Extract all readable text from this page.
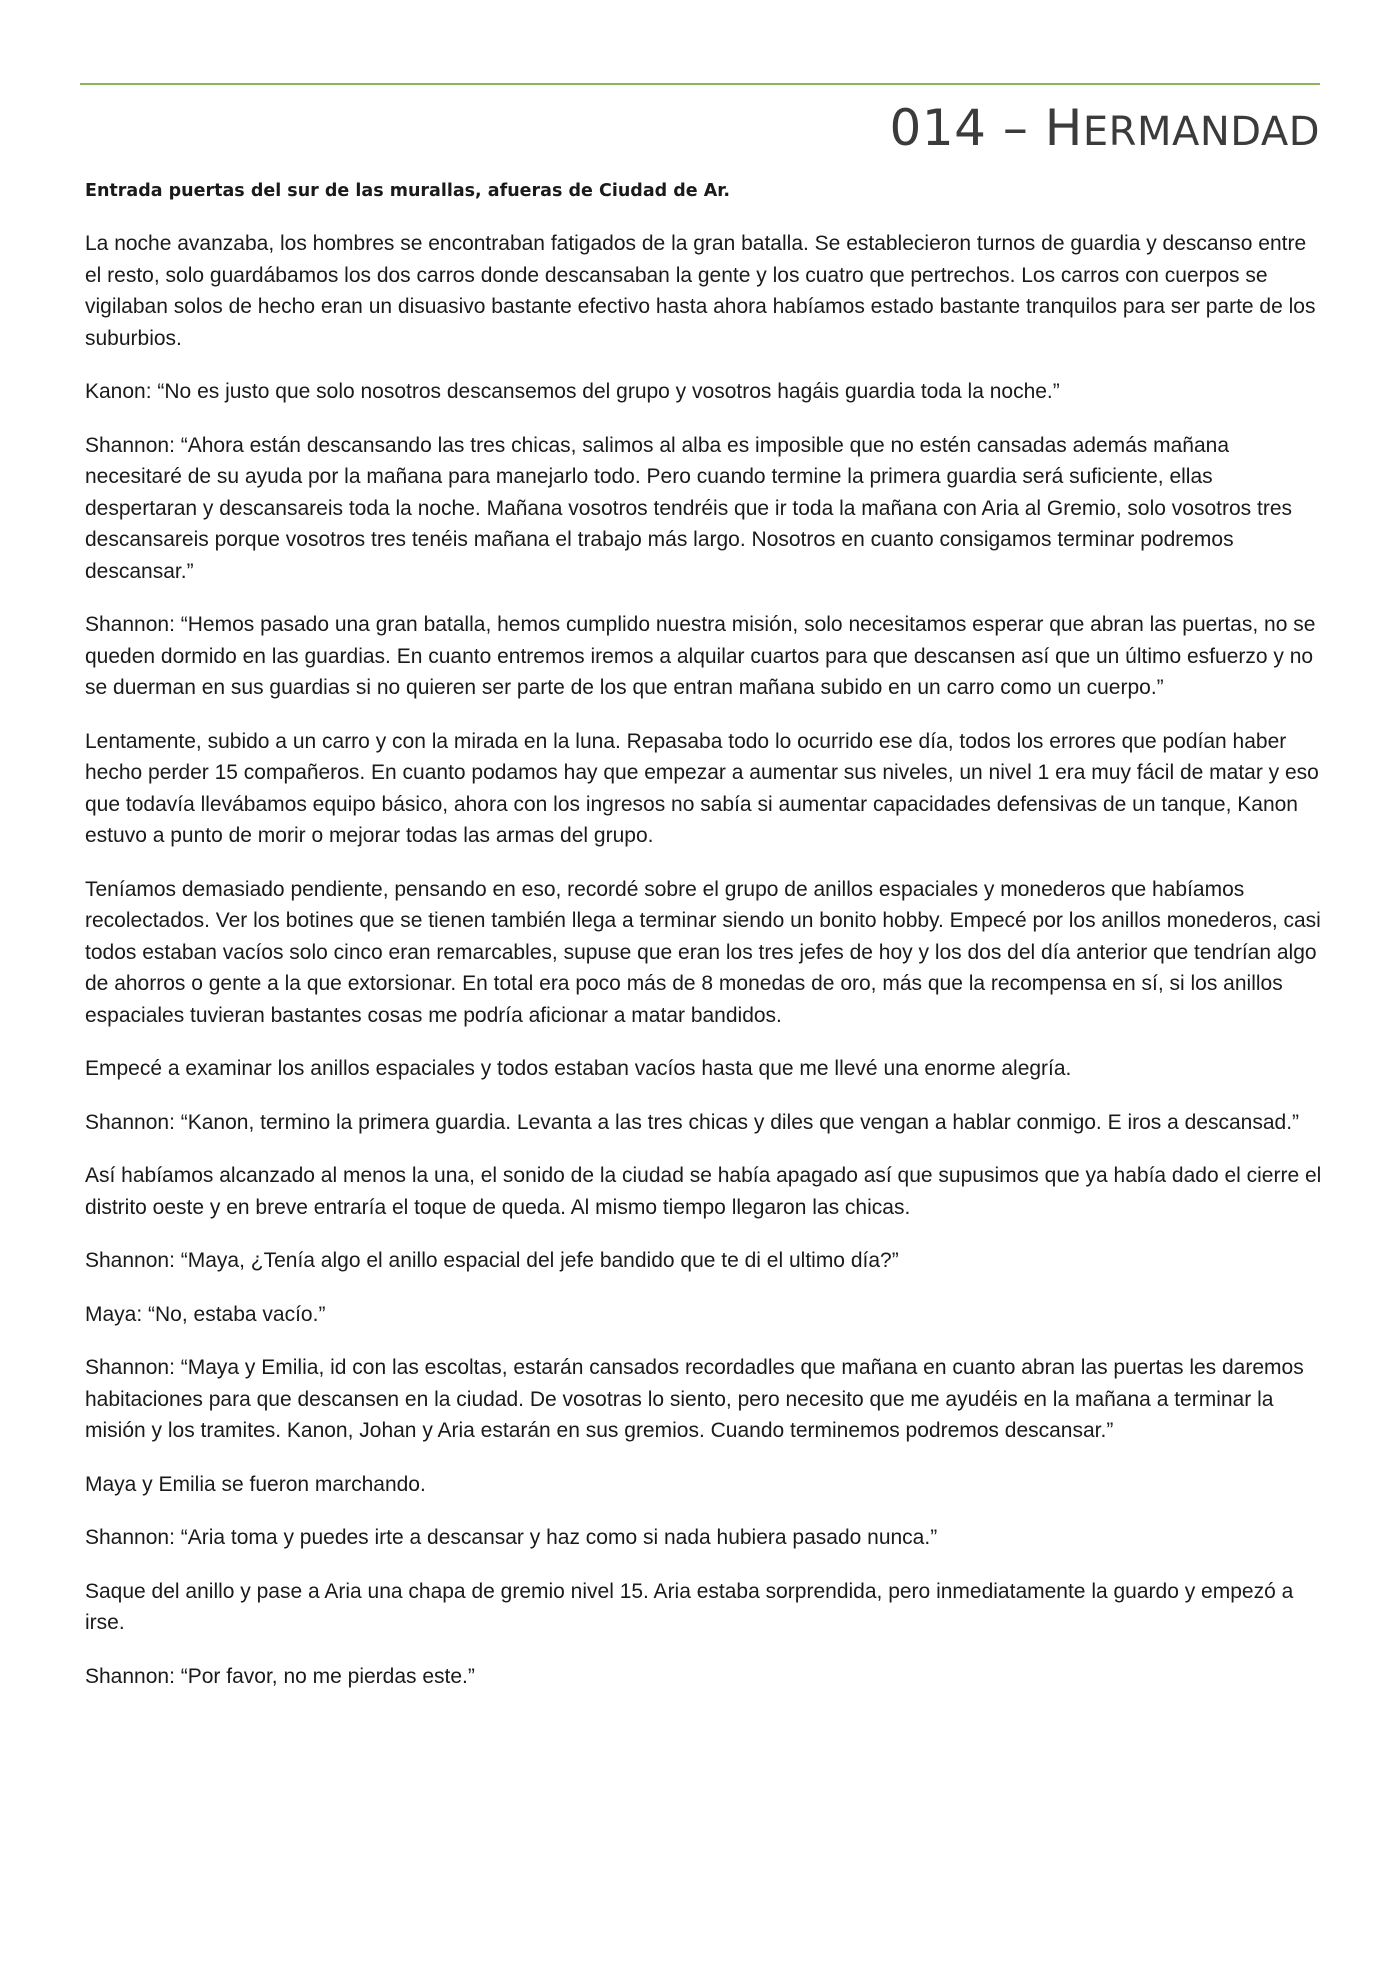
014 – HERMANDAD

Entrada puertas del sur de las murallas, afueras de Ciudad de Ar.

La noche avanzaba, los hombres se encontraban fatigados de la gran batalla. Se establecieron turnos de guardia y descanso entre el resto, solo guardábamos los dos carros donde descansaban la gente y los cuatro que pertrechos. Los carros con cuerpos se vigilaban solos de hecho eran un disuasivo bastante efectivo hasta ahora habíamos estado bastante tranquilos para ser parte de los suburbios.

Kanon: “No es justo que solo nosotros descansemos del grupo y vosotros hagáis guardia toda la noche.”

Shannon: “Ahora están descansando las tres chicas, salimos al alba es imposible que no estén cansadas además mañana necesitaré de su ayuda por la mañana para manejarlo todo. Pero cuando termine la primera guardia será suficiente, ellas despertaran y descansareis toda la noche. Mañana vosotros tendréis que ir toda la mañana con Aria al Gremio, solo vosotros tres descansareis porque vosotros tres tenéis mañana el trabajo más largo. Nosotros en cuanto consigamos terminar podremos descansar.”

Shannon: “Hemos pasado una gran batalla, hemos cumplido nuestra misión, solo necesitamos esperar que abran las puertas, no se queden dormido en las guardias. En cuanto entremos iremos a alquilar cuartos para que descansen así que un último esfuerzo y no se duerman en sus guardias si no quieren ser parte de los que entran mañana subido en un carro como un cuerpo.”

Lentamente, subido a un carro y con la mirada en la luna. Repasaba todo lo ocurrido ese día, todos los errores que podían haber hecho perder 15 compañeros. En cuanto podamos hay que empezar a aumentar sus niveles, un nivel 1 era muy fácil de matar y eso que todavía llevábamos equipo básico, ahora con los ingresos no sabía si aumentar capacidades defensivas de un tanque, Kanon estuvo a punto de morir o mejorar todas las armas del grupo.

Teníamos demasiado pendiente, pensando en eso, recordé sobre el grupo de anillos espaciales y monederos que habíamos recolectados. Ver los botines que se tienen también llega a terminar siendo un bonito hobby. Empecé por los anillos monederos, casi todos estaban vacíos solo cinco eran remarcables, supuse que eran los tres jefes de hoy y los dos del día anterior que tendrían algo de ahorros o gente a la que extorsionar. En total era poco más de 8 monedas de oro, más que la recompensa en sí, si los anillos espaciales tuvieran bastantes cosas me podría aficionar a matar bandidos.

Empecé a examinar los anillos espaciales y todos estaban vacíos hasta que me llevé una enorme alegría.

Shannon: “Kanon, termino la primera guardia. Levanta a las tres chicas y diles que vengan a hablar conmigo. E iros a descansad.”

Así habíamos alcanzado al menos la una, el sonido de la ciudad se había apagado así que supusimos que ya había dado el cierre el distrito oeste y en breve entraría el toque de queda. Al mismo tiempo llegaron las chicas.

Shannon: “Maya, ¿Tenía algo el anillo espacial del jefe bandido que te di el ultimo día?”

Maya: “No, estaba vacío.”

Shannon: “Maya y Emilia, id con las escoltas, estarán cansados recordadles que mañana en cuanto abran las puertas les daremos habitaciones para que descansen en la ciudad. De vosotras lo siento, pero necesito que me ayudéis en la mañana a terminar la misión y los tramites. Kanon, Johan y Aria estarán en sus gremios. Cuando terminemos podremos descansar.”

Maya y Emilia se fueron marchando.

Shannon: “Aria toma y puedes irte a descansar y haz como si nada hubiera pasado nunca.”

Saque del anillo y pase a Aria una chapa de gremio nivel 15. Aria estaba sorprendida, pero inmediatamente la guardo y empezó a irse.

Shannon: “Por favor, no me pierdas este.”
